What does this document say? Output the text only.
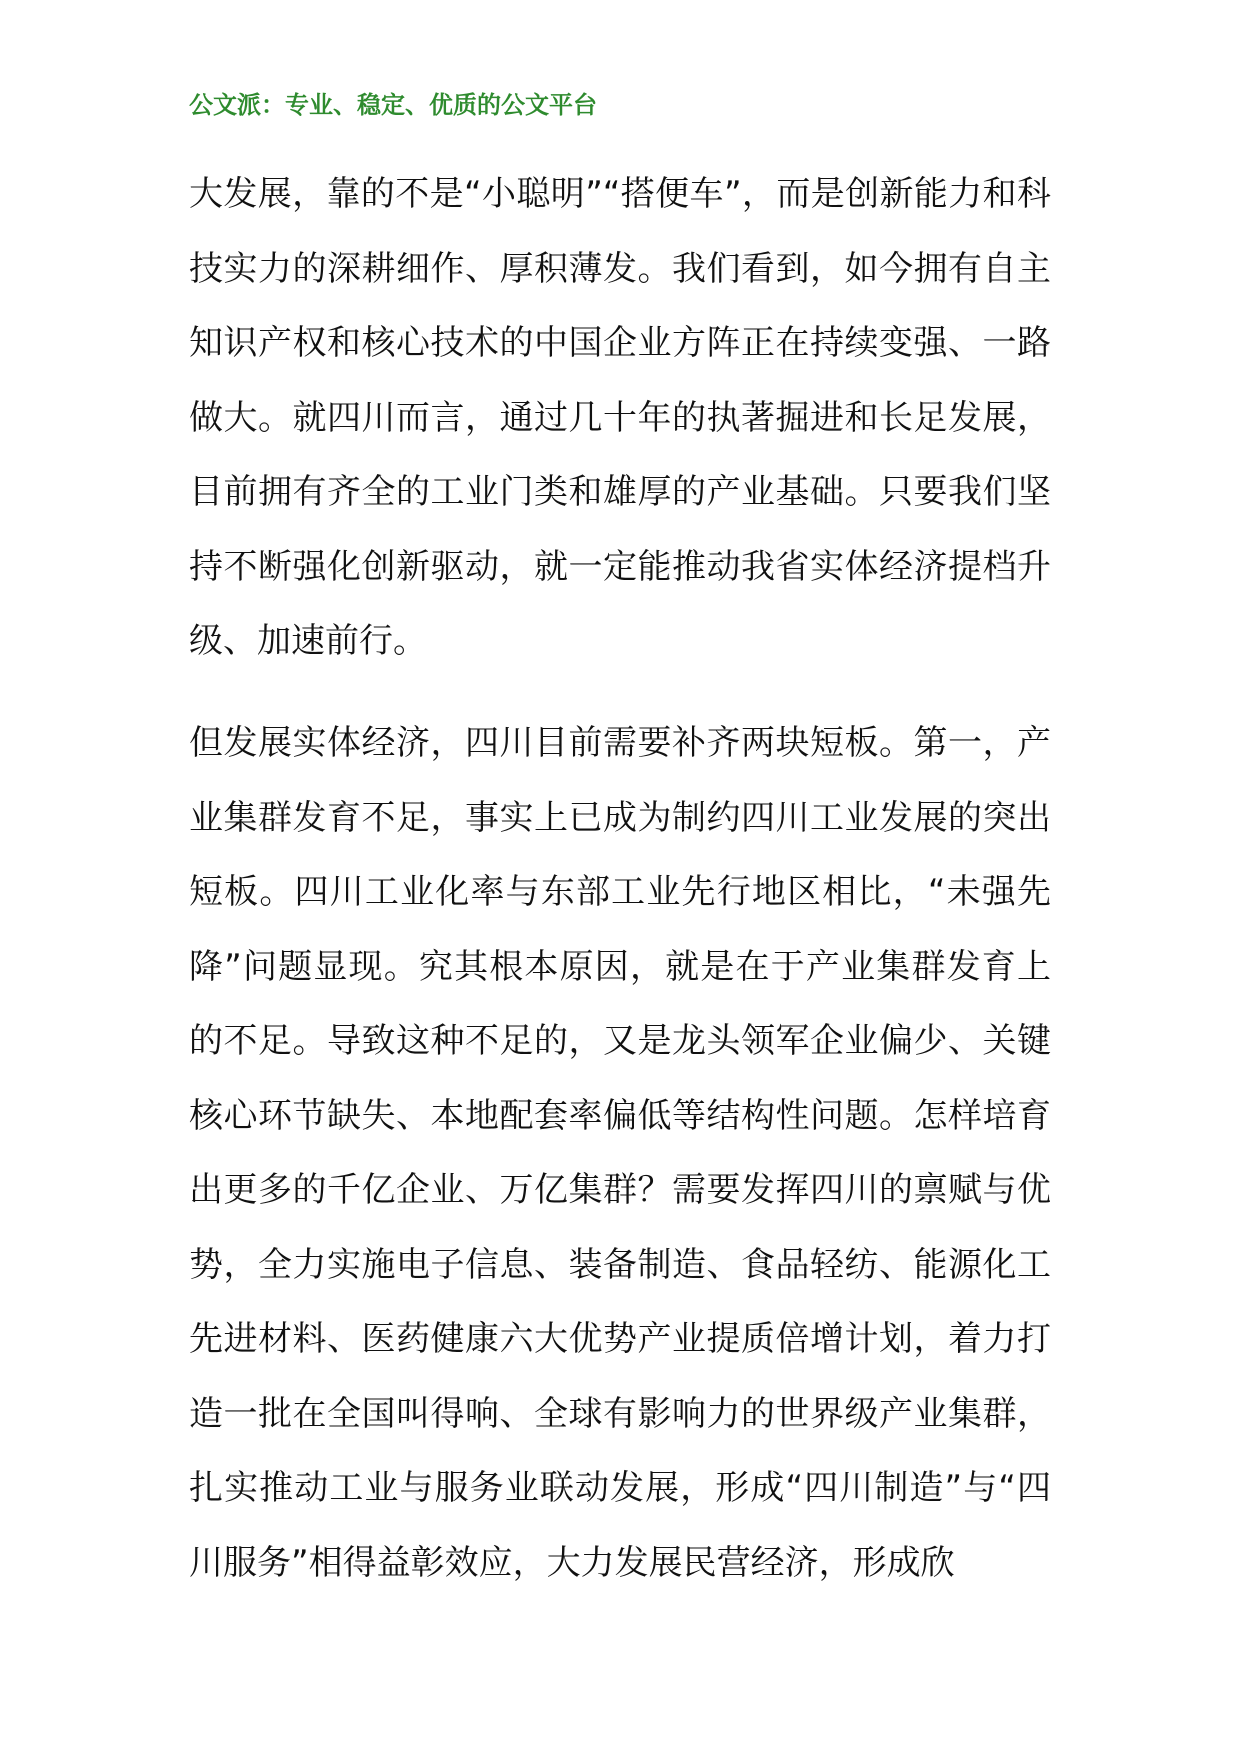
公文派：专业、稳定、优质的公文平台

大发展，靠的不是“小聪明”“搭便车”，而是创新能力和科技实力的深耕细作、厚积薄发。我们看到，如今拥有自主知识产权和核心技术的中国企业方阵正在持续变强、一路做大。就四川而言，通过几十年的执著掘进和长足发展，目前拥有齐全的工业门类和雄厚的产业基础。只要我们坚持不断强化创新驱动，就一定能推动我省实体经济提档升级、加速前行。

但发展实体经济，四川目前需要补齐两块短板。第一，产业集群发育不足，事实上已成为制约四川工业发展的突出短板。四川工业化率与东部工业先行地区相比，“未强先降”问题显现。究其根本原因，就是在于产业集群发育上的不足。导致这种不足的，又是龙头领军企业偏少、关键核心环节缺失、本地配套率偏低等结构性问题。怎样培育出更多的千亿企业、万亿集群？需要发挥四川的禀赋与优势，全力实施电子信息、装备制造、食品轻纺、能源化工先进材料、医药健康六大优势产业提质倍增计划，着力打造一批在全国叫得响、全球有影响力的世界级产业集群，扎实推动工业与服务业联动发展，形成“四川制造”与“四川服务”相得益彰效应，大力发展民营经济，形成欣
